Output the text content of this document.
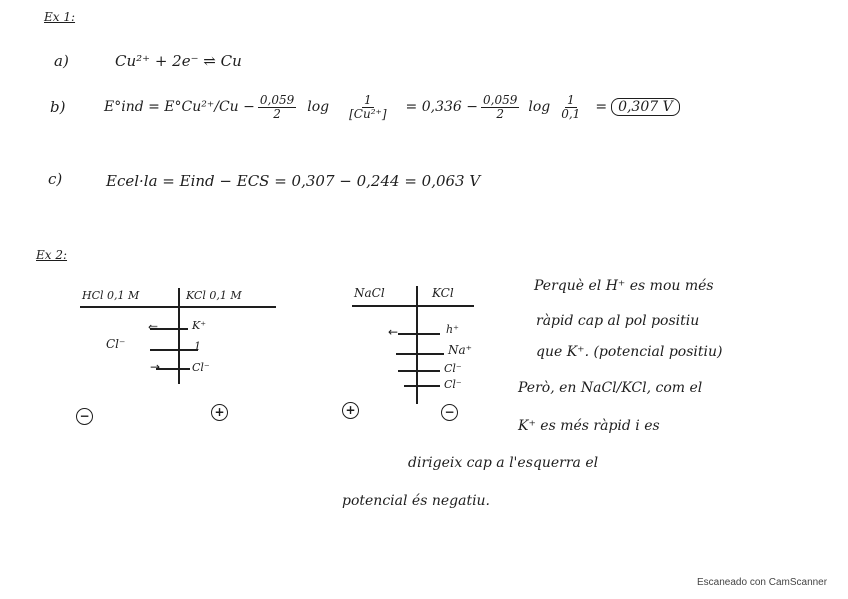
Ex 1:
a)	Cu²⁺ + 2e⁻ ⇌ Cu
b)	$E^\circ ind = E^\circ Cu^{2+}/Cu - \frac{0,059}{2}$ $\log \frac{1}{\text{[Cu²⁺]}} = 0,336 - \frac{0,059}{2}$ $\log \frac{1}{0,1} = 0,307$ V
c)	Ecel·la = Eind − ECS = 0,307 − 0,244 = 0,063 V
Ex 2:
HCl 0,1 M	KCl 0,1 M
⇐	K⁺
Cl⁻	1
→	Cl⁻
−	+
NaCl	KCl
←	h⁺
Na⁺
Cl⁻
Cl⁻
+	−
Perquè el H⁺ es mou més
ràpid cap al pol positiu
que K⁺. (potencial positiu)
Però, en NaCl/KCl, com el
K⁺ es més ràpid i es
dirigeix cap a l'esquerra el
potencial és negatiu.
Escaneado con CamScanner
